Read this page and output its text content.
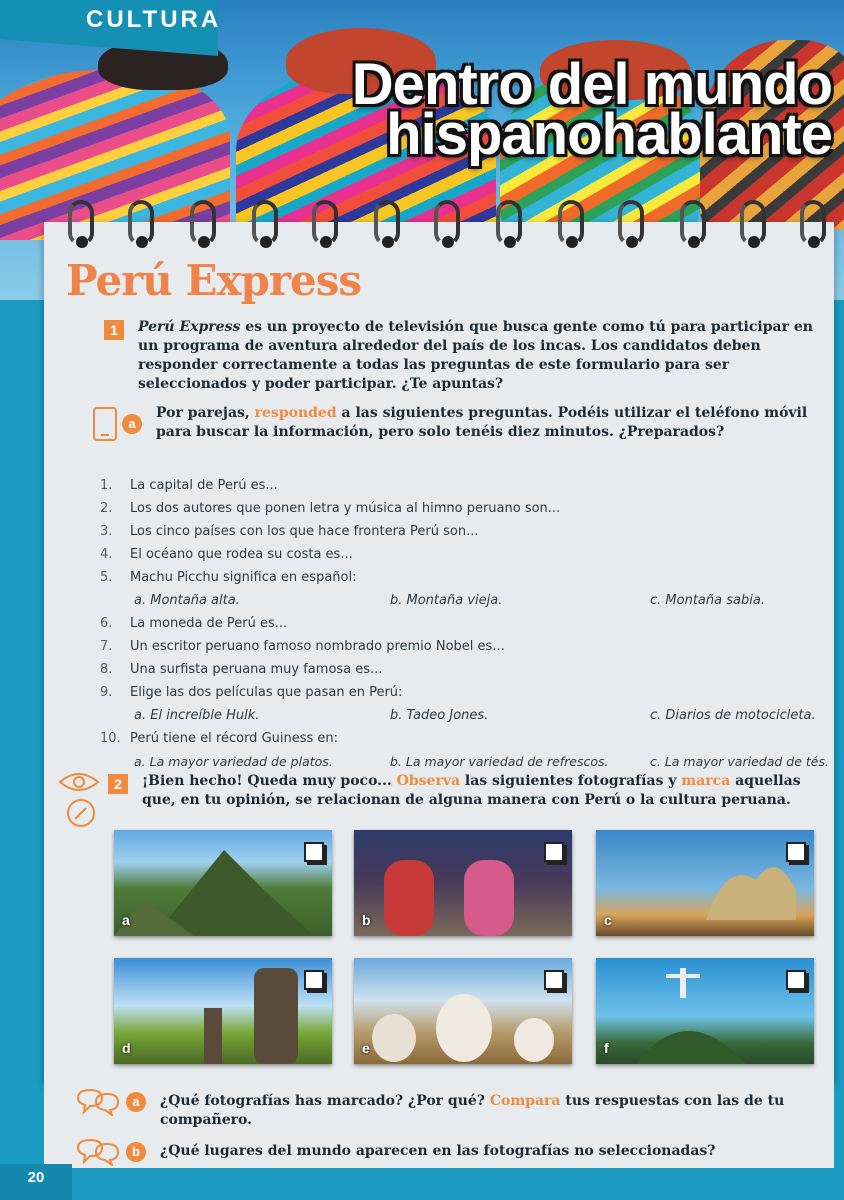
CULTURA
Dentro del mundo
hispanohablante
Perú Express
1	Perú Express es un proyecto de televisión que busca gente como tú para participar en un programa de aventura alrededor del país de los incas. Los candidatos deben responder correctamente a todas las preguntas de este formulario para ser seleccionados y poder participar. ¿Te apuntas?
a
Por parejas, responded a las siguientes preguntas. Podéis utilizar el teléfono móvil para buscar la información, pero solo tenéis diez minutos. ¿Preparados?
1.	La capital de Perú es...
2.	Los dos autores que ponen letra y música al himno peruano son...
3.	Los cinco países con los que hace frontera Perú son...
4.	El océano que rodea su costa es...
5.	Machu Picchu significa en español:
a. Montaña alta.	b. Montaña vieja.	c. Montaña sabia.
6.	La moneda de Perú es...
7.	Un escritor peruano famoso nombrado premio Nobel es...
8.	Una surfista peruana muy famosa es...
9.	Elige las dos películas que pasan en Perú:
a. El increíble Hulk.	b. Tadeo Jones.	c. Diarios de motocicleta.
10. Perú tiene el récord Guiness en:
a. La mayor variedad de platos.	b. La mayor variedad de refrescos.	c. La mayor variedad de tés.
2	¡Bien hecho! Queda muy poco... Observa las siguientes fotografías y marca aquellas que, en tu opinión, se relacionan de alguna manera con Perú o la cultura peruana.
a	b	c
d	e	f
a	¿Qué fotografías has marcado? ¿Por qué? Compara tus respuestas con las de tu compañero.
b	¿Qué lugares del mundo aparecen en las fotografías no seleccionadas?
20
